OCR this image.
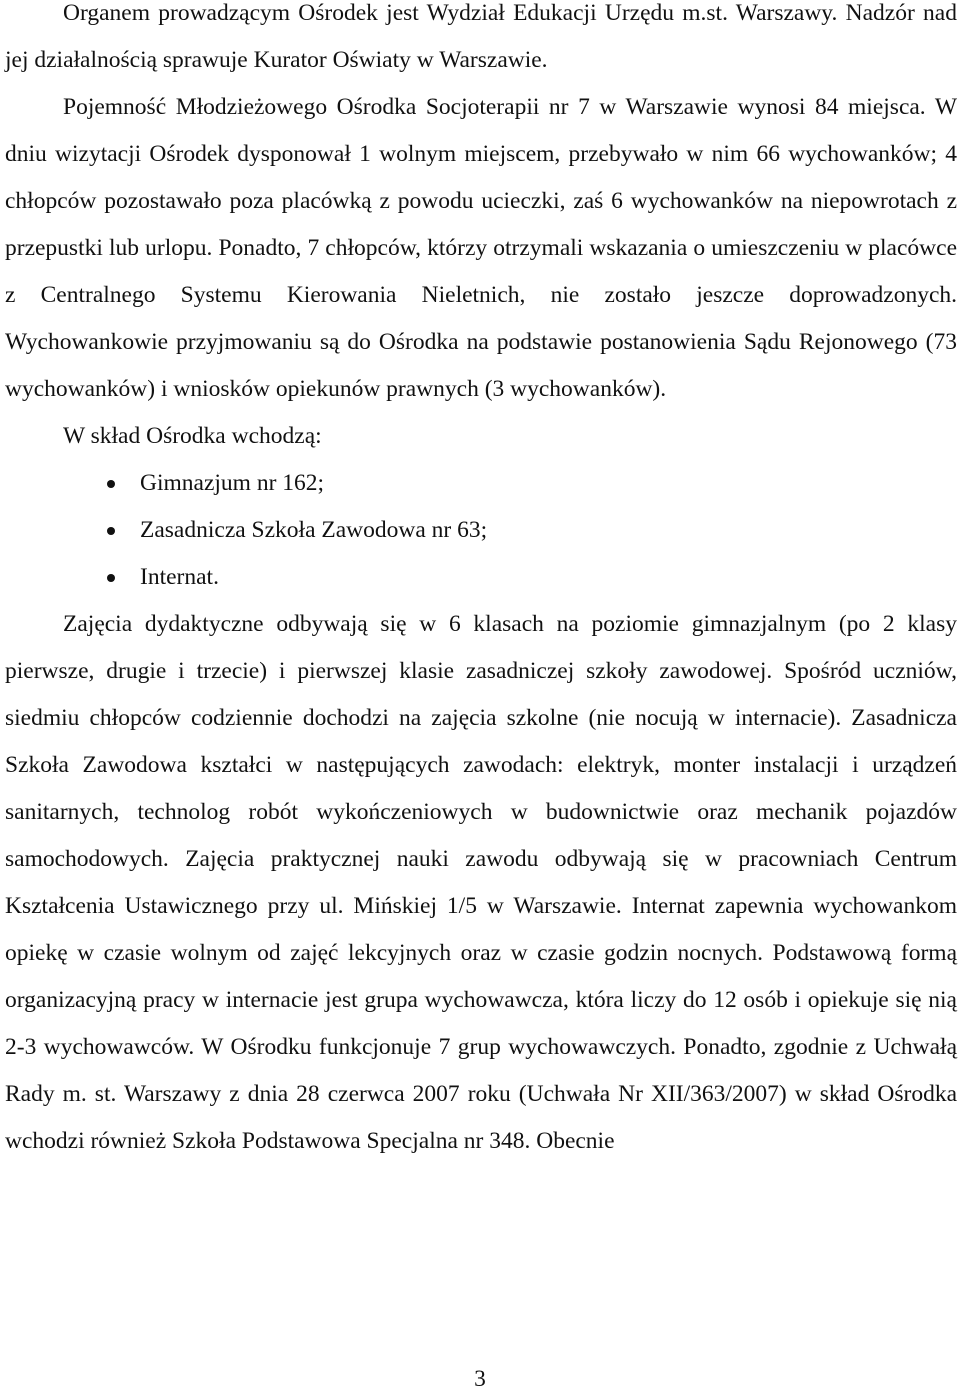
Organem prowadzącym Ośrodek jest Wydział Edukacji Urzędu m.st. Warszawy. Nadzór nad jej działalnością sprawuje Kurator Oświaty w Warszawie.

Pojemność Młodzieżowego Ośrodka Socjoterapii nr 7 w Warszawie wynosi 84 miejsca. W dniu wizytacji Ośrodek dysponował 1 wolnym miejscem, przebywało w nim 66 wychowanków; 4 chłopców pozostawało poza placówką z powodu ucieczki, zaś 6 wychowanków na niepowrotach z przepustki lub urlopu. Ponadto, 7 chłopców, którzy otrzymali wskazania o umieszczeniu w placówce z Centralnego Systemu Kierowania Nieletnich, nie zostało jeszcze doprowadzonych. Wychowankowie przyjmowaniu są do Ośrodka na podstawie postanowienia Sądu Rejonowego (73 wychowanków) i wniosków opiekunów prawnych (3 wychowanków).

W skład Ośrodka wchodzą:

Gimnazjum nr 162;
Zasadnicza Szkoła Zawodowa nr 63;
Internat.

Zajęcia dydaktyczne odbywają się w 6 klasach na poziomie gimnazjalnym (po 2 klasy pierwsze, drugie i trzecie) i pierwszej klasie zasadniczej szkoły zawodowej. Spośród uczniów, siedmiu chłopców codziennie dochodzi na zajęcia szkolne (nie nocują w internacie). Zasadnicza Szkoła Zawodowa kształci w następujących zawodach: elektryk, monter instalacji i urządzeń sanitarnych, technolog robót wykończeniowych w budownictwie oraz mechanik pojazdów samochodowych. Zajęcia praktycznej nauki zawodu odbywają się w pracowniach Centrum Kształcenia Ustawicznego przy ul. Mińskiej 1/5 w Warszawie. Internat zapewnia wychowankom opiekę w czasie wolnym od zajęć lekcyjnych oraz w czasie godzin nocnych. Podstawową formą organizacyjną pracy w internacie jest grupa wychowawcza, która liczy do 12 osób i opiekuje się nią 2-3 wychowawców. W Ośrodku funkcjonuje 7 grup wychowawczych. Ponadto, zgodnie z Uchwałą Rady m. st. Warszawy z dnia 28 czerwca 2007 roku (Uchwała Nr XII/363/2007) w skład Ośrodka wchodzi również Szkoła Podstawowa Specjalna nr 348. Obecnie

3
